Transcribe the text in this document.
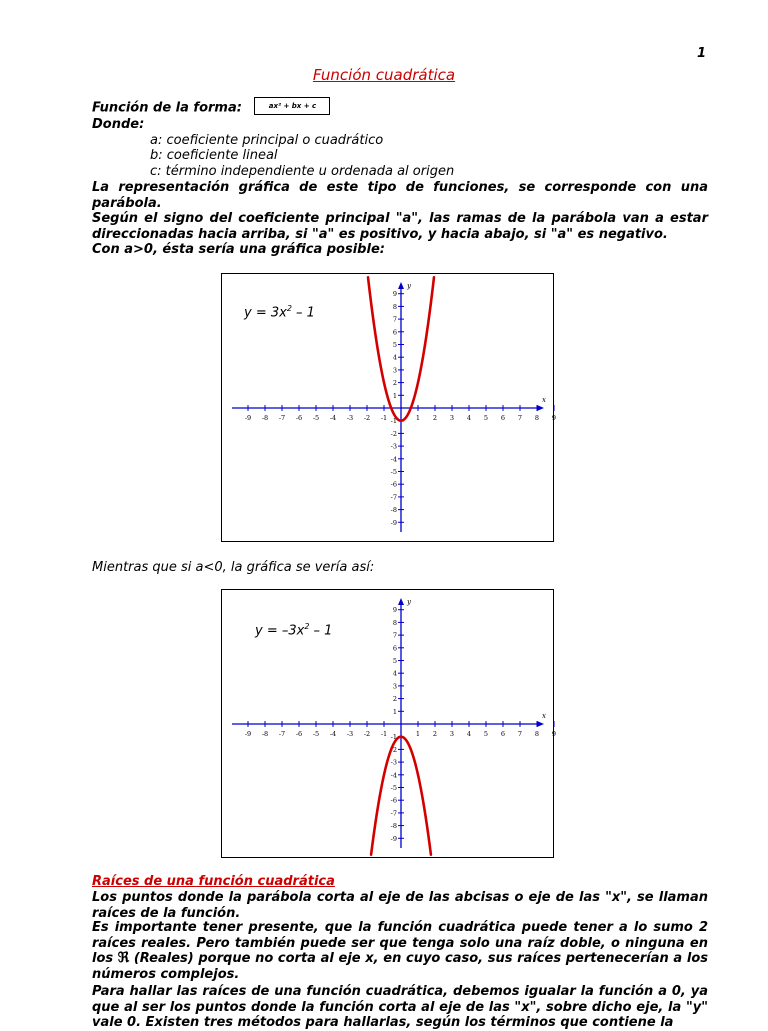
1
Función cuadrática
Función de la forma:	ax² + bx + c
Donde:
a: coeficiente principal o cuadrático
b: coeficiente lineal
c: término independiente u ordenada al origen
La representación gráfica de este tipo de funciones, se corresponde con una parábola.
Según el signo del coeficiente principal "a", las ramas de la parábola van a estar direccionadas hacia arriba, si "a" es positivo, y hacia abajo, si "a" es negativo.
Con a>0, ésta sería una gráfica posible:
x
y
-9 -8 -7 -6 -5 -4 -3 -2 -1	1 2 3 4 5 6 7 8 9
-9
-8
-7
-6
-5
-4
-3
-2
-1
1
2
3
4
5
6
7
8
9
$y = 3x^2 - 1$
Mientras que si a<0, la gráfica se vería así:
x
y
-9 -8 -7 -6 -5 -4 -3 -2 -1	1 2 3 4 5 6 7 8 9
-9
-8
-7
-6
-5
-4
-3
-2
-1
1
2
3
4
5
6
7
8
9
$y = -3x^2 - 1$
Raíces de una función cuadrática
Los puntos donde la parábola corta al eje de las abcisas o eje de las "x", se llaman raíces de la función.
Es importante tener presente, que la función cuadrática puede tener a lo sumo 2 raíces reales. Pero también puede ser que tenga solo una raíz doble, o ninguna en los ℜ (Reales) porque no corta al eje x, en cuyo caso, sus raíces pertenecerían a los números complejos.
Para hallar las raíces de una función cuadrática, debemos igualar la función a 0, ya que al ser los puntos donde la función corta al eje de las "x", sobre dicho eje, la "y" vale 0. Existen tres métodos para hallarlas, según los términos que contiene la
